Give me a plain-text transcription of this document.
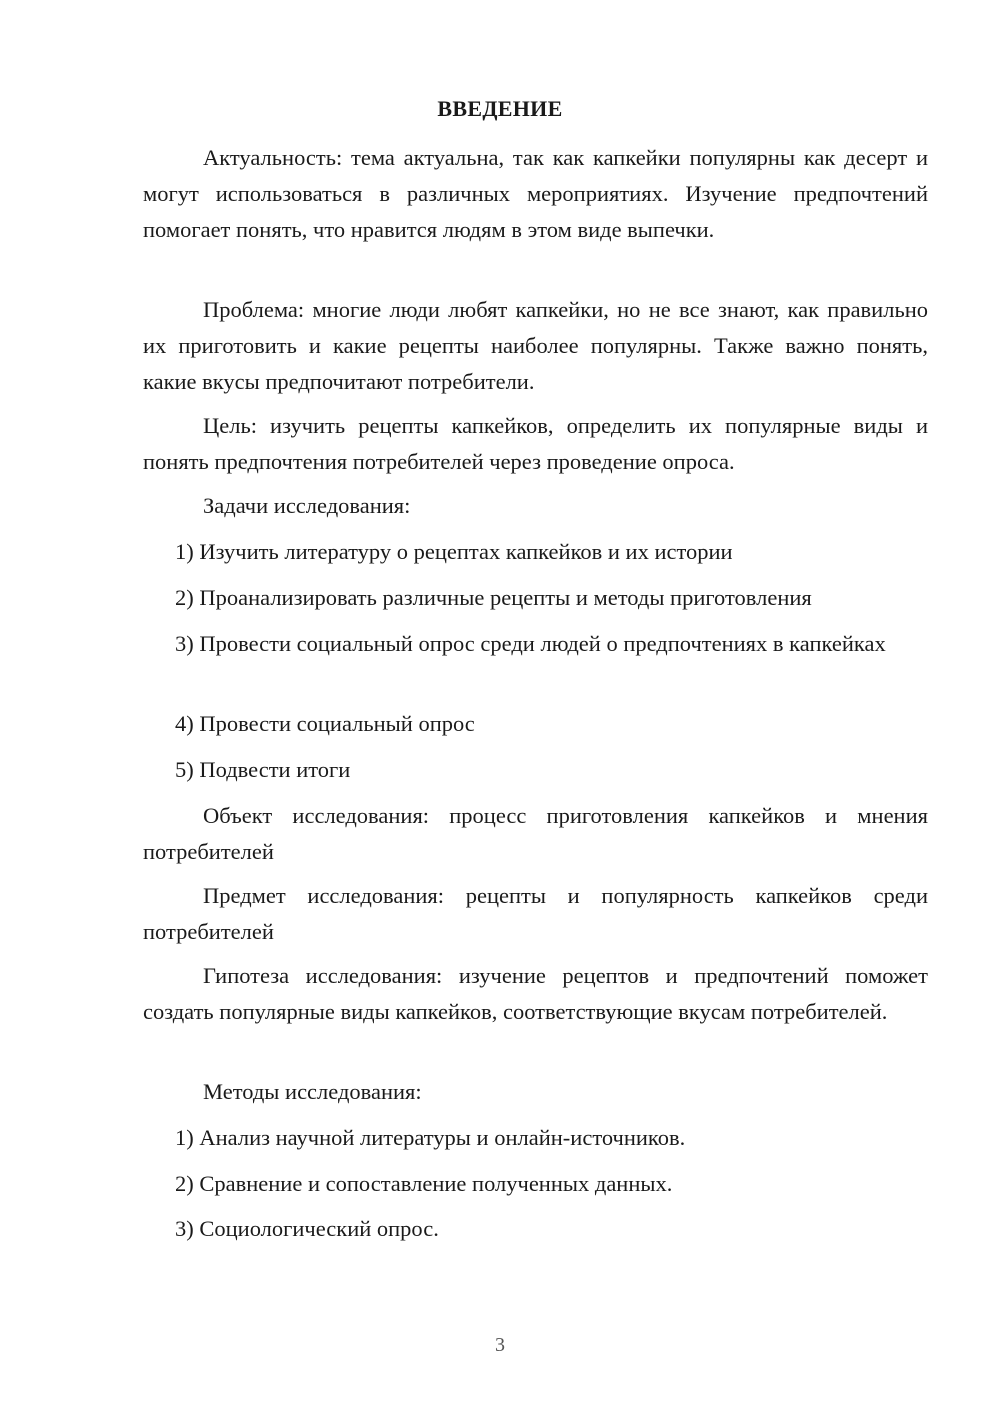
ВВЕДЕНИЕ

Актуальность: тема актуальна, так как капкейки популярны как десерт и могут использоваться в различных мероприятиях. Изучение предпочтений помогает понять, что нравится людям в этом виде выпечки.

Проблема: многие люди любят капкейки, но не все знают, как правильно их приготовить и какие рецепты наиболее популярны. Также важно понять, какие вкусы предпочитают потребители.

Цель: изучить рецепты капкейков, определить их популярные виды и понять предпочтения потребителей через проведение опроса.

Задачи исследования:

1) Изучить литературу о рецептах капкейков и их истории

2) Проанализировать различные рецепты и методы приготовления

3) Провести социальный опрос среди людей о предпочтениях в капкейках

4) Провести социальный опрос

5) Подвести итоги

Объект исследования: процесс приготовления капкейков и мнения потребителей

Предмет исследования: рецепты и популярность капкейков среди потребителей

Гипотеза исследования: изучение рецептов и предпочтений поможет создать популярные виды капкейков, соответствующие вкусам потребителей.

Методы исследования:

1) Анализ научной литературы и онлайн-источников.

2) Сравнение и сопоставление полученных данных.

3) Социологический опрос.

3
